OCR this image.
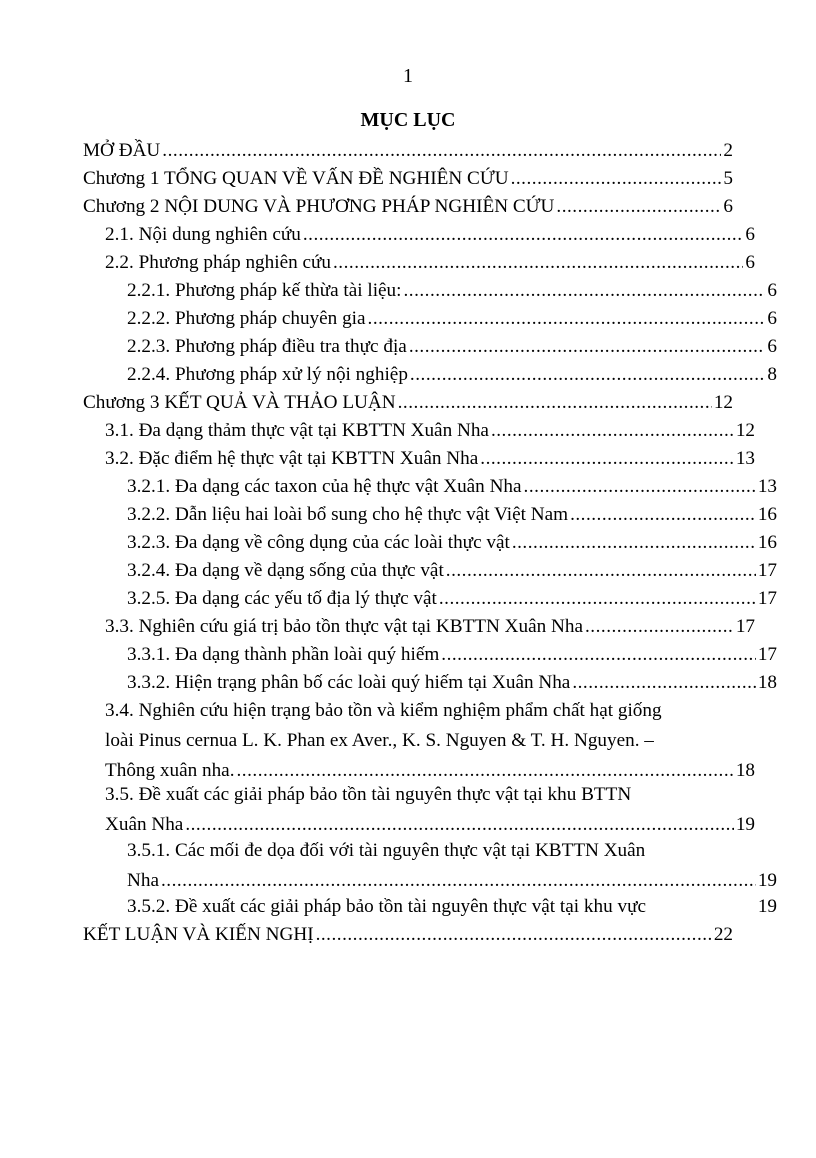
1
MỤC LỤC
MỞ ĐẦU .....	2
Chương 1 TỔNG QUAN VỀ VẤN ĐỀ NGHIÊN CỨU .....	5
Chương 2 NỘI DUNG VÀ PHƯƠNG PHÁP NGHIÊN CỨU .....	6
2.1. Nội dung nghiên cứu .....	6
2.2. Phương pháp nghiên cứu .....	6
2.2.1. Phương pháp kế thừa tài liệu: .....	6
2.2.2. Phương pháp chuyên gia .....	6
2.2.3. Phương pháp điều tra thực địa .....	6
2.2.4. Phương pháp xử lý nội nghiệp .....	8
Chương 3 KẾT QUẢ VÀ THẢO LUẬN .....	12
3.1. Đa dạng thảm thực vật tại KBTTN Xuân Nha .....	12
3.2. Đặc điểm hệ thực vật tại KBTTN Xuân Nha .....	13
3.2.1. Đa dạng các taxon của hệ thực vật Xuân Nha .....	13
3.2.2. Dẫn liệu hai loài bổ sung cho hệ thực vật Việt Nam .....	16
3.2.3. Đa dạng về công dụng của các loài thực vật .....	16
3.2.4. Đa dạng về dạng sống của thực vật .....	17
3.2.5. Đa dạng các yếu tố địa lý thực vật .....	17
3.3. Nghiên cứu giá trị bảo tồn thực vật tại KBTTN Xuân Nha .....	17
3.3.1. Đa dạng thành phần loài quý hiếm .....	17
3.3.2. Hiện trạng phân bố các loài quý hiếm tại Xuân Nha .....	18
3.4. Nghiên cứu hiện trạng bảo tồn và kiểm nghiệm phẩm chất hạt giống
loài Pinus cernua L. K. Phan ex Aver., K. S. Nguyen & T. H. Nguyen. –
Thông xuân nha. .....	18
3.5. Đề xuất các giải pháp bảo tồn tài nguyên thực vật tại khu BTTN
Xuân Nha .....	19
3.5.1. Các mối đe dọa đối với tài nguyên thực vật tại KBTTN Xuân
Nha .....	19
3.5.2. Đề xuất các giải pháp bảo tồn tài nguyên thực vật tại khu vực	19
KẾT LUẬN VÀ KIẾN NGHỊ .....	22
